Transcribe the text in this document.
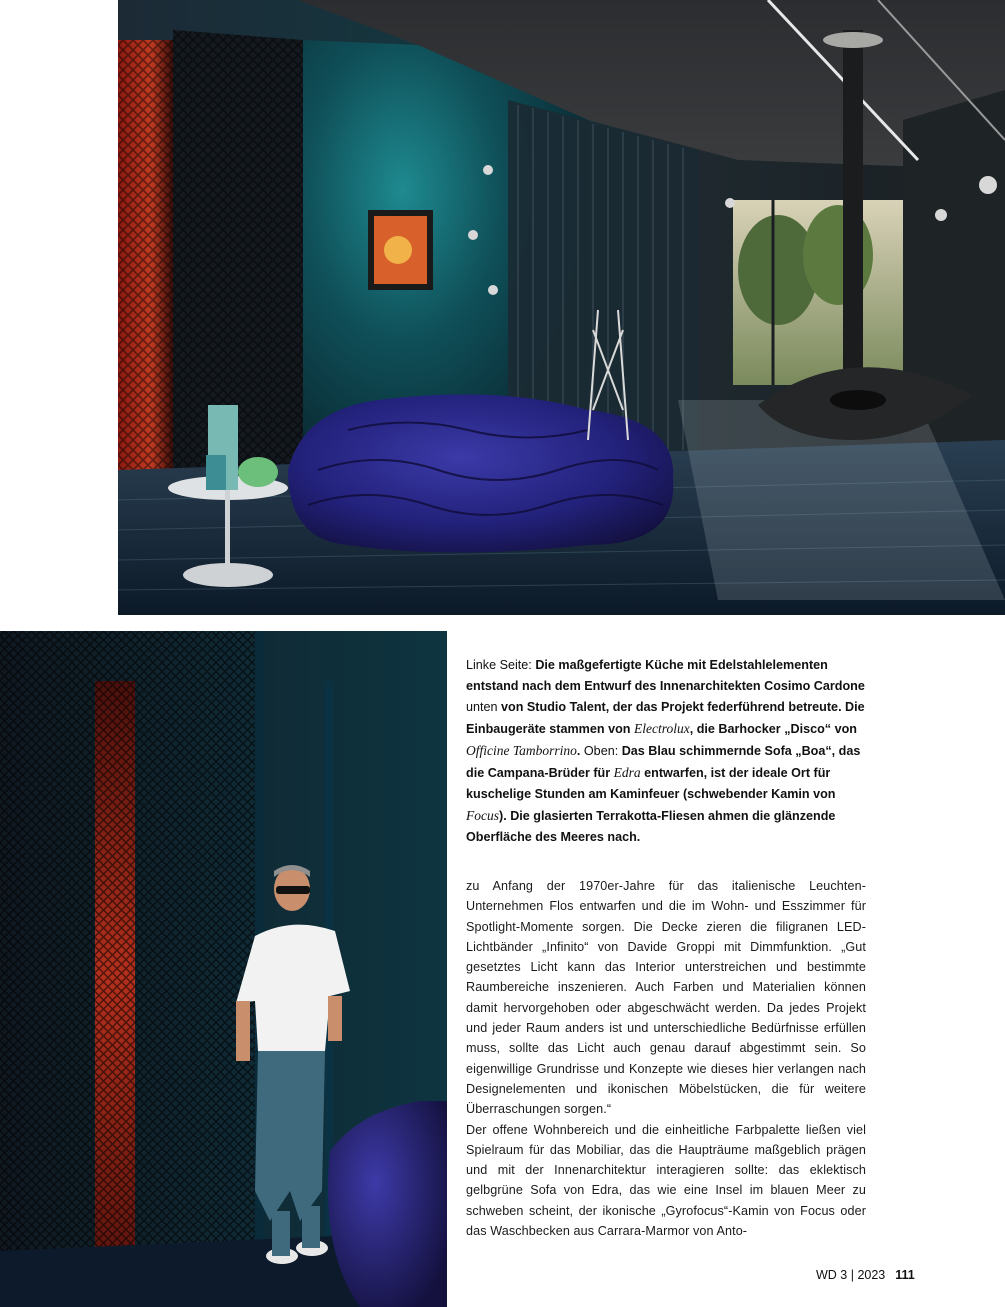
Linke Seite: Die maßgefertigte Küche mit Edelstahlelementen entstand nach dem Entwurf des Innenarchitekten Cosimo Cardone unten von Studio Talent, der das Projekt federführend betreute. Die Einbaugeräte stammen von Electrolux, die Barhocker „Disco“ von Officine Tamborrino. Oben: Das Blau schimmernde Sofa „Boa“, das die Campana-Brüder für Edra entwarfen, ist der ideale Ort für kuschelige Stunden am Kaminfeuer (schwebender Kamin von Focus). Die glasierten Terrakotta-Fliesen ahmen die glänzende Oberfläche des Meeres nach.

zu Anfang der 1970er-Jahre für das italienische Leuchten-Unternehmen Flos entwarfen und die im Wohn- und Esszimmer für Spotlight-Momente sorgen. Die Decke zieren die filigranen LED-Lichtbänder „Infinito“ von Davide Groppi mit Dimmfunktion. „Gut gesetztes Licht kann das Interior unterstreichen und bestimmte Raumbereiche inszenieren. Auch Farben und Materialien können damit hervorgehoben oder abgeschwächt werden. Da jedes Projekt und jeder Raum anders ist und unterschiedliche Bedürfnisse erfüllen muss, sollte das Licht auch genau darauf abgestimmt sein. So eigenwillige Grundrisse und Konzepte wie dieses hier verlangen nach Designelementen und ikonischen Möbelstücken, die für weitere Überraschungen sorgen.“

Der offene Wohnbereich und die einheitliche Farbpalette ließen viel Spielraum für das Mobiliar, das die Haupträume maßgeblich prägen und mit der Innenarchitektur interagieren sollte: das eklektisch gelbgrüne Sofa von Edra, das wie eine Insel im blauen Meer zu schweben scheint, der ikonische „Gyrofocus“-Kamin von Focus oder das Waschbecken aus Carrara-Marmor von Anto-

WD 3 | 2023 111
